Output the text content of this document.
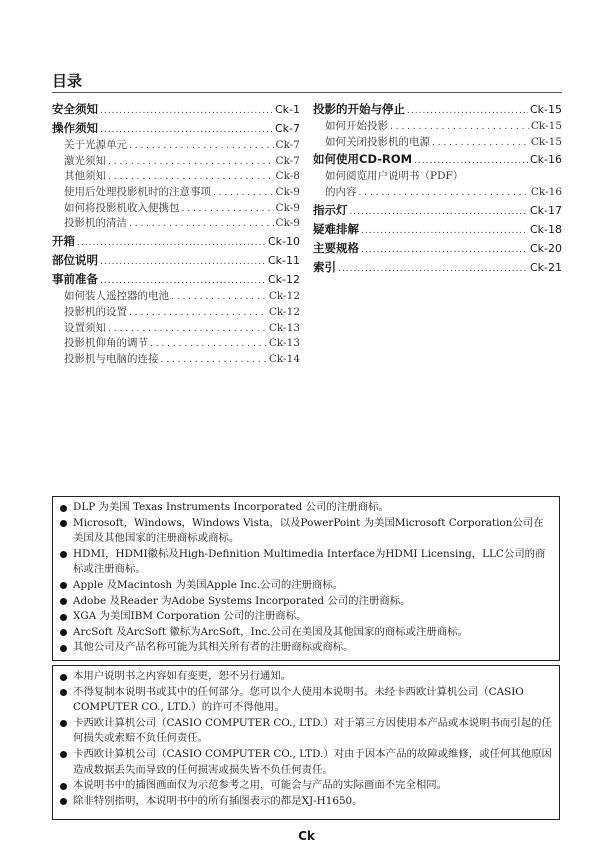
目录
安全须知 .....	Ck-1
操作须知 .....	Ck-7
关于光源单元 . . .	Ck-7
激光须知 . . .	Ck-7
其他须知 . . .	Ck-8
使用后处理投影机时的注意事项 . . .	Ck-9
如何将投影机收入便携包 . . .	Ck-9
投影机的清洁 . . .	Ck-9
开箱 .....	Ck-10
部位说明 .....	Ck-11
事前准备 .....	Ck-12
如何装人遥控器的电池 . . .	Ck-12
投影机的设置 . . .	Ck-12
设置须知 . . .	Ck-13
投影机仰角的调节 . . .	Ck-13
投影机与电脑的连接 . . .	Ck-14
投影的开始与停止 .....	Ck-15
如何开始投影 . . .	Ck-15
如何关闭投影机的电源 . . .	Ck-15
如何使用CD-ROM .....	Ck-16
如何阅览用户说明书（PDF）
的内容 . . .	Ck-16
指示灯 .....	Ck-17
疑难排解 .....	Ck-18
主要规格 .....	Ck-20
索引 .....	Ck-21
DLP 为美国 Texas Instruments Incorporated 公司的注册商标。
Microsoft，Windows，Windows Vista，以及PowerPoint 为美国Microsoft Corporation公司在美国及其他国家的注册商标或商标。
HDMI，HDMI徽标及High-Definition Multimedia Interface为HDMI Licensing，LLC公司的商标或注册商标。
Apple 及Macintosh 为美国Apple Inc.公司的注册商标。
Adobe 及Reader 为Adobe Systems Incorporated 公司的注册商标。
XGA 为美国IBM Corporation 公司的注册商标。
ArcSoft 及ArcSoft 徽标为ArcSoft，Inc.公司在美国及其他国家的商标或注册商标。
其他公司及产品名称可能为其相关所有者的注册商标或商标。
本用户说明书之内容如有变更，恕不另行通知。
不得复制本说明书或其中的任何部分。您可以个人使用本说明书。未经卡西欧计算机公司（CASIO COMPUTER CO., LTD.）的许可不得他用。
卡西欧计算机公司（CASIO COMPUTER CO., LTD.）对于第三方因使用本产品或本说明书而引起的任何损失或索赔不负任何责任。
卡西欧计算机公司（CASIO COMPUTER CO., LTD.）对由于因本产品的故障或维修，或任何其他原因造成数据丢失而导致的任何损害或损失皆不负任何责任。
本说明书中的插图画面仅为示范参考之用，可能会与产品的实际画面不完全相同。
除非特别指明，本说明书中的所有插图表示的都是XJ-H1650。
Ck
